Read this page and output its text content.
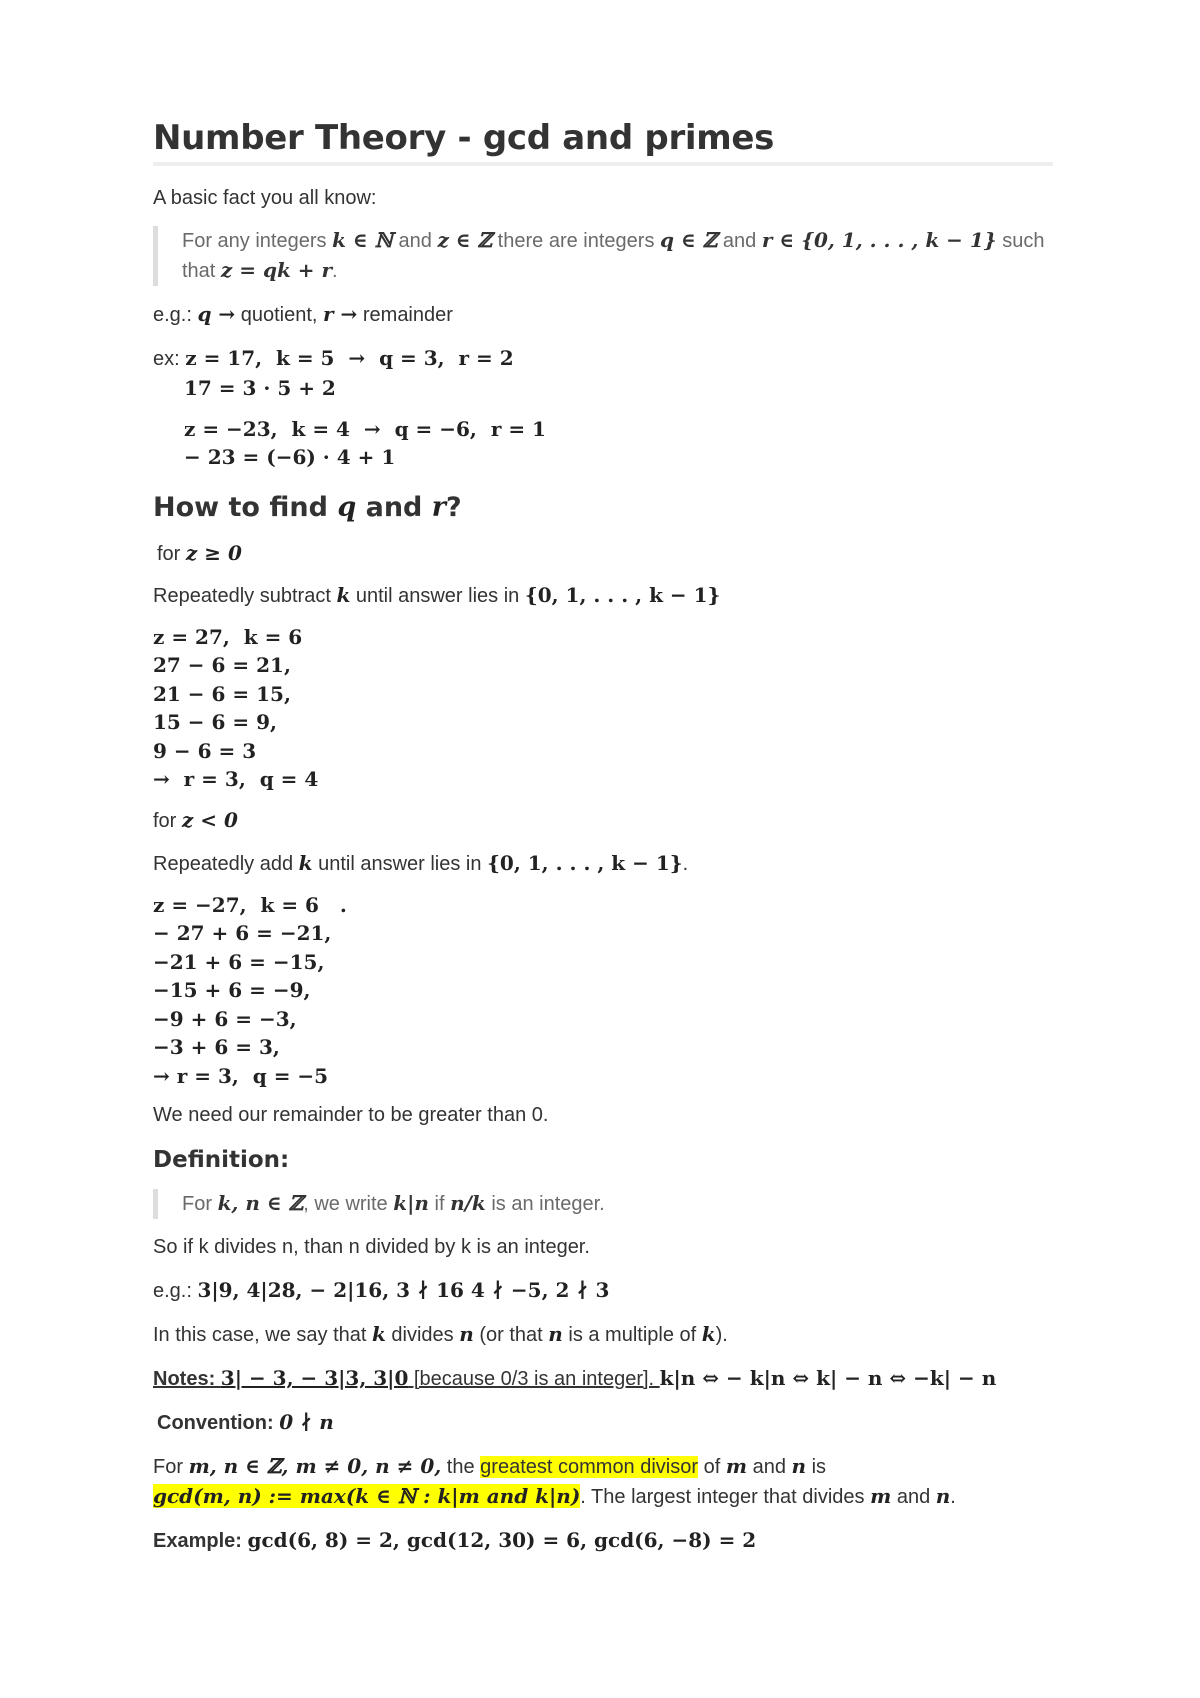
Number Theory - gcd and primes

A basic fact you all know:

For any integers k ∈ ℕ and z ∈ ℤ there are integers q ∈ ℤ and r ∈ {0, 1, . . . , k − 1} such

that z = qk + r.

e.g.: q → quotient, r → remainder

ex: z = 17,  k = 5  →  q = 3,  r = 2

17 = 3 · 5 + 2

z = −23,  k = 4  →  q = −6,  r = 1

− 23 = (−6) · 4 + 1

How to find q and r?

for z ≥ 0

Repeatedly subtract k until answer lies in {0, 1, . . . , k − 1}

z = 27,  k = 6

27 − 6 = 21,

21 − 6 = 15,

15 − 6 = 9,

9 − 6 = 3

→  r = 3,  q = 4

for z < 0

Repeatedly add k until answer lies in {0, 1, . . . , k − 1}.

z = −27,  k = 6   .

− 27 + 6 = −21,

−21 + 6 = −15,

−15 + 6 = −9,

−9 + 6 = −3,

−3 + 6 = 3,

→ r = 3,  q = −5

We need our remainder to be greater than 0.

Definition:

For k, n ∈ ℤ, we write k|n if n/k is an integer.

So if k divides n, than n divided by k is an integer.

e.g.: 3|9, 4|28, − 2|16, 3 ∤ 16 4 ∤ −5, 2 ∤ 3

In this case, we say that k divides n (or that n is a multiple of k).

Notes: 3| − 3, − 3|3, 3|0 [because 0/3 is an integer]. k|n ⇔ − k|n ⇔ k| − n ⇔ −k| − n

Convention: 0 ∤ n

For m, n ∈ ℤ, m ≠ 0, n ≠ 0, the greatest common divisor of m and n is

gcd(m, n) := max(k ∈ ℕ : k|m and k|n). The largest integer that divides m and n.

Example: gcd(6, 8) = 2, gcd(12, 30) = 6, gcd(6, −8) = 2
